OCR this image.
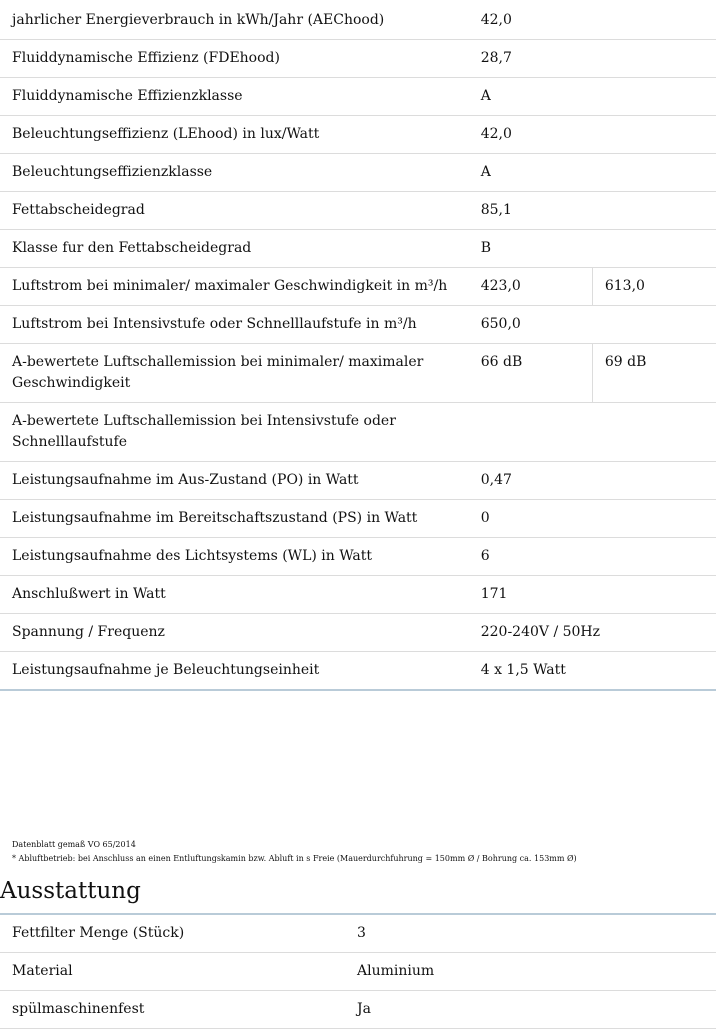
jahrlicher Energieverbrauch in kWh/Jahr (AEChood)	42,0	
Fluiddynamische Effizienz (FDEhood)	28,7	
Fluiddynamische Effizienzklasse	A	
Beleuchtungseffizienz (LEhood) in lux/Watt	42,0	
Beleuchtungseffizienzklasse	A	
Fettabscheidegrad	85,1	
Klasse fur den Fettabscheidegrad	B	
Luftstrom bei minimaler/ maximaler Geschwindigkeit in m³/h	423,0	613,0
Luftstrom bei Intensivstufe oder Schnelllaufstufe in m³/h	650,0	
A-bewertete Luftschallemission bei minimaler/ maximaler Geschwindigkeit	66 dB	69 dB
A-bewertete Luftschallemission bei Intensivstufe oder Schnelllaufstufe		
Leistungsaufnahme im Aus-Zustand (PO) in Watt	0,47	
Leistungsaufnahme im Bereitschaftszustand (PS) in Watt	0	
Leistungsaufnahme des Lichtsystems (WL) in Watt	6	
Anschlußwert in Watt	171	
Spannung / Frequenz	220-240V / 50Hz	
Leistungsaufnahme je Beleuchtungseinheit	4 x 1,5 Watt	
Datenblatt gemaß VO 65/2014
* Abluftbetrieb: bei Anschluss an einen Entluftungskamin bzw. Abluft in s Freie (Mauerdurchfuhrung = 150mm Ø / Bohrung ca. 153mm Ø)
Ausstattung
Fettfilter Menge (Stück)	3
Material	Aluminium
spülmaschinenfest	Ja
